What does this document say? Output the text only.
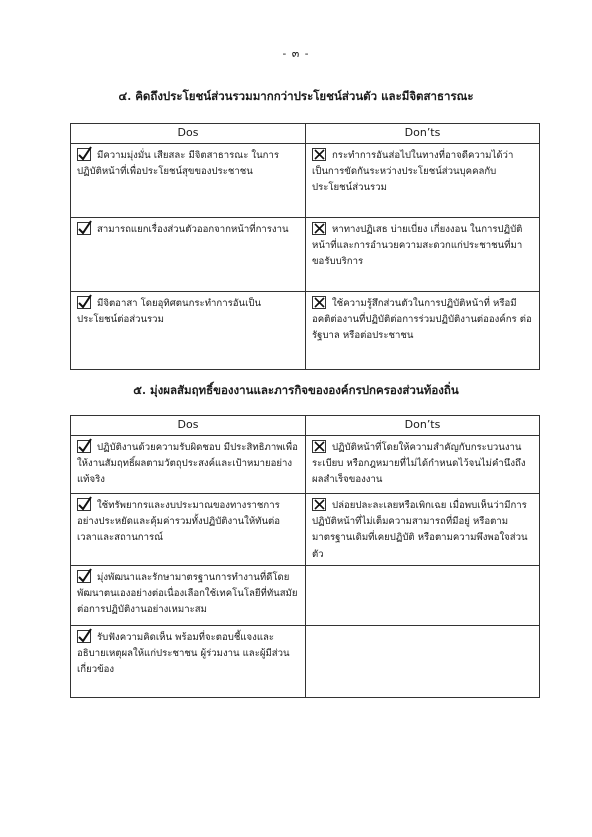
- ๓ -
๔. คิดถึงประโยชน์ส่วนรวมมากกว่าประโยชน์ส่วนตัว และมีจิตสาธารณะ
Dos	Don’ts

มีความมุ่งมั่น เสียสละ มีจิตสาธารณะ ในการปฏิบัติหน้าที่เพื่อประโยชน์สุขของประชาชน	กระทำการอันส่อไปในทางที่อาจดีความได้ว่าเป็นการขัดกันระหว่างประโยชน์ส่วนบุคคลกับประโยชน์ส่วนรวม

สามารถแยกเรื่องส่วนตัวออกจากหน้าที่การงาน	หาทางปฏิเสธ บ่ายเบี่ยง เกี่ยงงอน ในการปฏิบัติหน้าที่และการอำนวยความสะดวกแก่ประชาชนที่มาขอรับบริการ

มีจิตอาสา โดยอุทิศตนกระทำการอันเป็นประโยชน์ต่อส่วนรวม	ใช้ความรู้สึกส่วนตัวในการปฏิบัติหน้าที่ หรือมีอคติต่องานที่ปฏิบัติต่อการร่วมปฏิบัติงานต่อองค์กร ต่อรัฐบาล หรือต่อประชาชน
๕. มุ่งผลสัมฤทธิ์ของงานและภารกิจขององค์กรปกครองส่วนท้องถิ่น
Dos	Don’ts

ปฏิบัติงานด้วยความรับผิดชอบ มีประสิทธิภาพเพื่อให้งานสัมฤทธิ์ผลตามวัตถุประสงค์และเป้าหมายอย่างแท้จริง	ปฏิบัติหน้าที่โดยให้ความสำคัญกับกระบวนงาน ระเบียบ หรือกฎหมายที่ไม่ได้กำหนดไว้จนไม่คำนึงถึงผลสำเร็จของงาน

ใช้ทรัพยากรและงบประมาณของทางราชการอย่างประหยัดและคุ้มค่ารวมทั้งปฏิบัติงานให้ทันต่อเวลาและสถานการณ์	ปล่อยปละละเลยหรือเพิกเฉย เมื่อพบเห็นว่ามีการปฏิบัติหน้าที่ไม่เต็มความสามารถที่มีอยู่ หรือตามมาตรฐานเดิมที่เคยปฏิบัติ หรือตามความพึงพอใจส่วนตัว

มุ่งพัฒนาและรักษามาตรฐานการทำงานที่ดีโดยพัฒนาตนเองอย่างต่อเนื่องเลือกใช้เทคโนโลยีที่ทันสมัยต่อการปฏิบัติงานอย่างเหมาะสม	

รับฟังความคิดเห็น พร้อมที่จะตอบชี้แจงและอธิบายเหตุผลให้แก่ประชาชน ผู้ร่วมงาน และผู้มีส่วนเกี่ยวข้อง	
